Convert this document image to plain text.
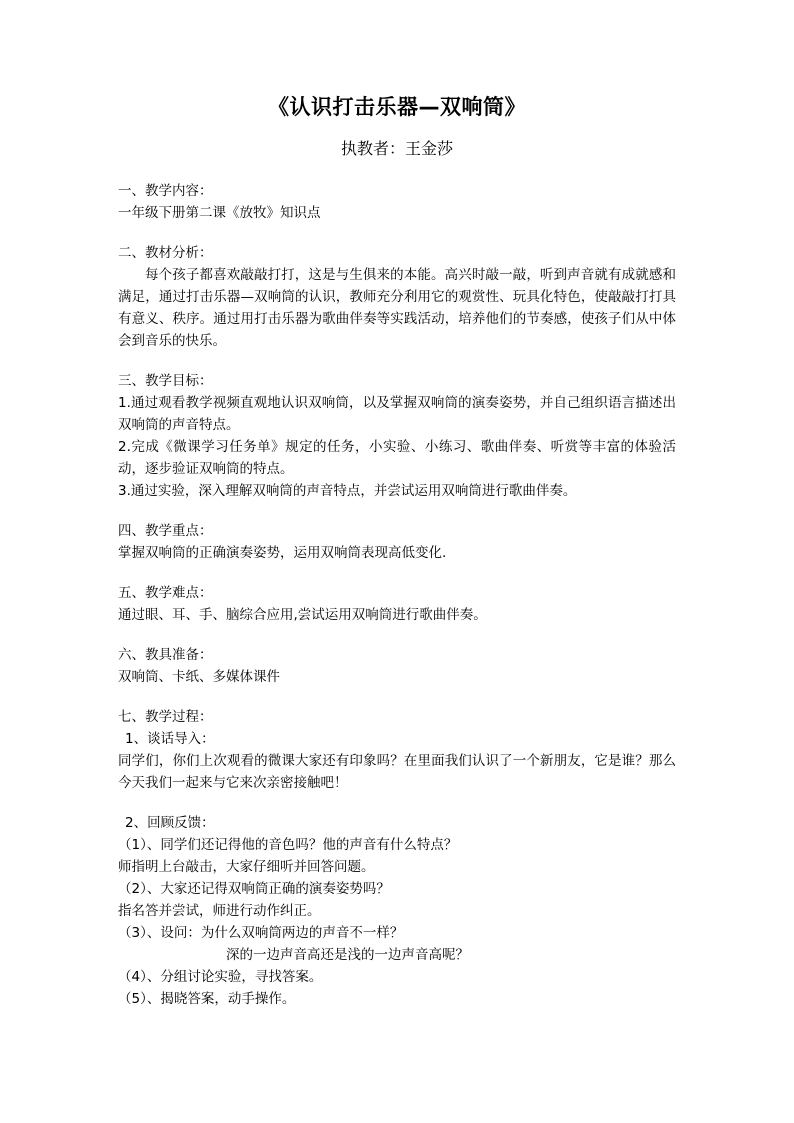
《认识打击乐器—双响筒》
执教者：王金莎

一、教学内容：

一年级下册第二课《放牧》知识点

二、教材分析：

每个孩子都喜欢敲敲打打，这是与生俱来的本能。高兴时敲一敲，听到声音就有成就感和满足，通过打击乐器—双响筒的认识，教师充分利用它的观赏性、玩具化特色，使敲敲打打具有意义、秩序。通过用打击乐器为歌曲伴奏等实践活动，培养他们的节奏感，使孩子们从中体会到音乐的快乐。

三、教学目标：

1.通过观看教学视频直观地认识双响筒，以及掌握双响筒的演奏姿势，并自己组织语言描述出双响筒的声音特点。

2.完成《微课学习任务单》规定的任务，小实验、小练习、歌曲伴奏、听赏等丰富的体验活动，逐步验证双响筒的特点。

3.通过实验，深入理解双响筒的声音特点，并尝试运用双响筒进行歌曲伴奏。

四、教学重点：

掌握双响筒的正确演奏姿势，运用双响筒表现高低变化.

五、教学难点：

通过眼、耳、手、脑综合应用,尝试运用双响筒进行歌曲伴奏。

六、教具准备：

双响筒、卡纸、多媒体课件

七、教学过程：

1、谈话导入：

同学们，你们上次观看的微课大家还有印象吗？在里面我们认识了一个新朋友，它是谁？那么今天我们一起来与它来次亲密接触吧！

2、回顾反馈：

（1）、同学们还记得他的音色吗？他的声音有什么特点？

师指明上台敲击，大家仔细听并回答问题。

（2）、大家还记得双响筒正确的演奏姿势吗？

指名答并尝试，师进行动作纠正。

（3）、设问：为什么双响筒两边的声音不一样？

深的一边声音高还是浅的一边声音高呢？

（4）、分组讨论实验，寻找答案。

（5）、揭晓答案，动手操作。
